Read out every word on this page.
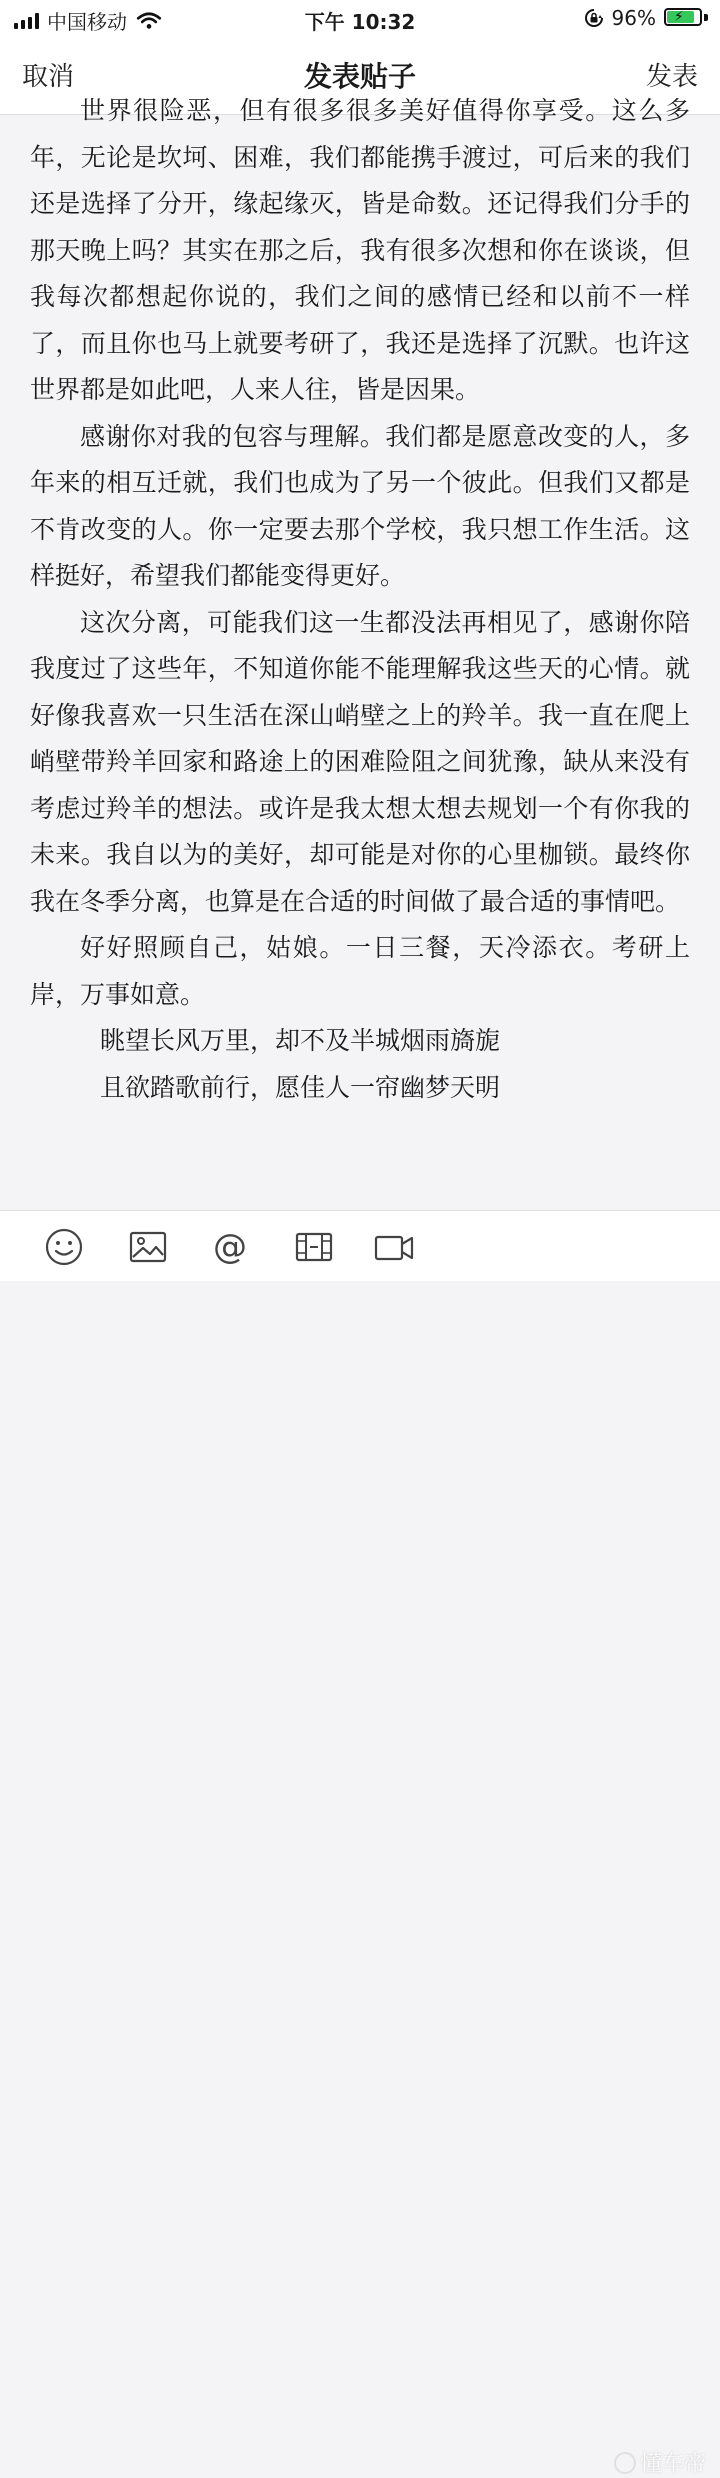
中国移动	下午 10:32	96% ⚡
取消	发表贴子	发表

世界很险恶，但有很多很多美好值得你享受。这么多年，无论是坎坷、困难，我们都能携手渡过，可后来的我们还是选择了分开，缘起缘灭，皆是命数。还记得我们分手的那天晚上吗？其实在那之后，我有很多次想和你在谈谈，但我每次都想起你说的，我们之间的感情已经和以前不一样了，而且你也马上就要考研了，我还是选择了沉默。也许这世界都是如此吧，人来人往，皆是因果。

感谢你对我的包容与理解。我们都是愿意改变的人，多年来的相互迁就，我们也成为了另一个彼此。但我们又都是不肯改变的人。你一定要去那个学校，我只想工作生活。这样挺好，希望我们都能变得更好。

这次分离，可能我们这一生都没法再相见了，感谢你陪我度过了这些年，不知道你能不能理解我这些天的心情。就好像我喜欢一只生活在深山峭壁之上的羚羊。我一直在爬上峭壁带羚羊回家和路途上的困难险阻之间犹豫，缺从来没有考虑过羚羊的想法。或许是我太想太想去规划一个有你我的未来。我自以为的美好，却可能是对你的心里枷锁。最终你我在冬季分离，也算是在合适的时间做了最合适的事情吧。

好好照顾自己，姑娘。一日三餐，天冷添衣。考研上岸，万事如意。

眺望长风万里，却不及半城烟雨旖旎

且欲踏歌前行，愿佳人一帘幽梦天明

@
懂车帝
